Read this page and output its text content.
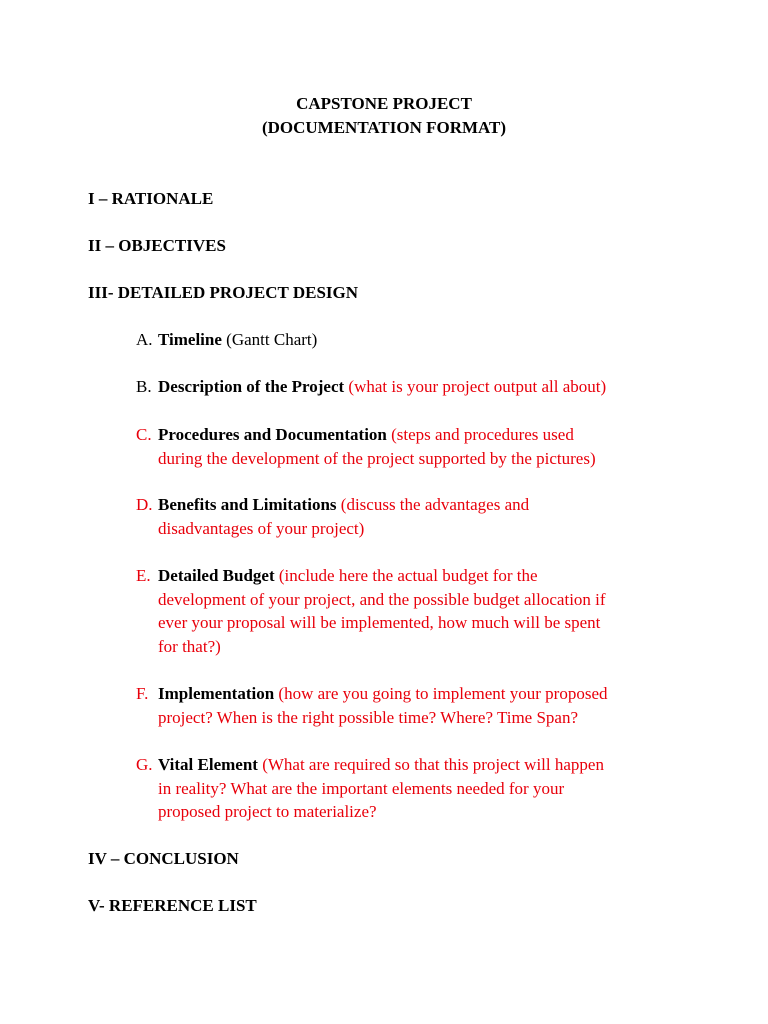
CAPSTONE PROJECT
(DOCUMENTATION FORMAT)
I – RATIONALE
II – OBJECTIVES
III- DETAILED PROJECT DESIGN
A. Timeline (Gantt Chart)
B. Description of the Project (what is your project output all about)
C. Procedures and Documentation (steps and procedures used
during the development of the project supported by the pictures)
D. Benefits and Limitations (discuss the advantages and
disadvantages of your project)
E. Detailed Budget (include here the actual budget for the
development of your project, and the possible budget allocation if
ever your proposal will be implemented, how much will be spent
for that?)
F. Implementation (how are you going to implement your proposed
project? When is the right possible time? Where? Time Span?
G. Vital Element (What are required so that this project will happen
in reality? What are the important elements needed for your
proposed project to materialize?
IV – CONCLUSION
V- REFERENCE LIST
